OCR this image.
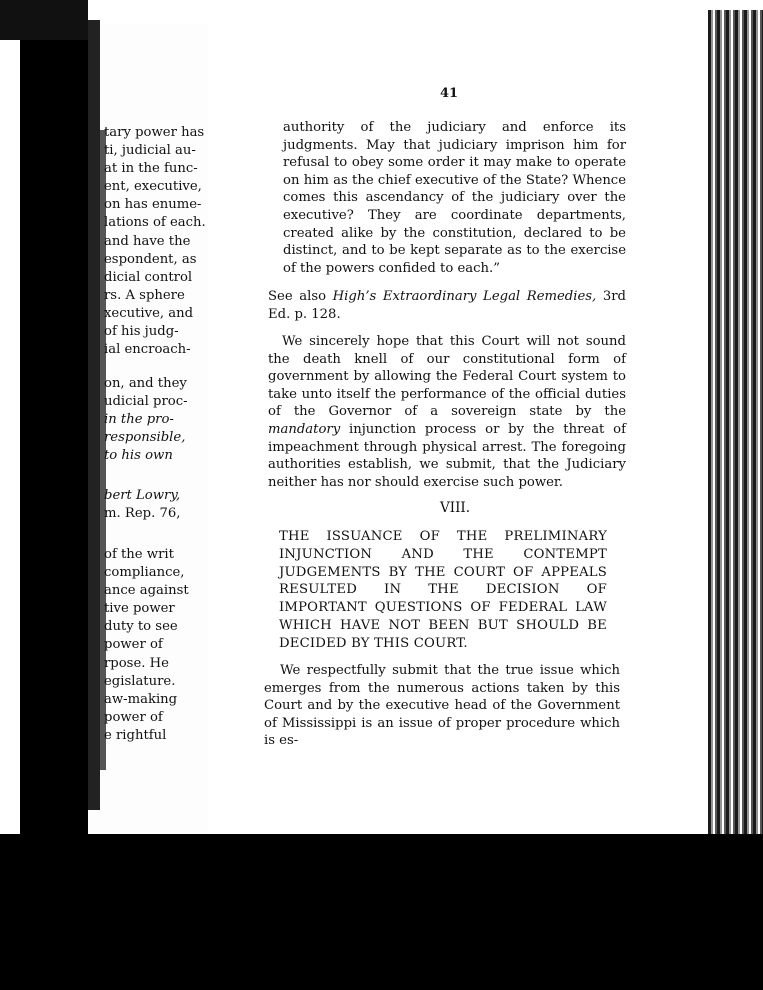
tary power has
ti, judicial au-
at in the func-
ent, executive,
on has enume-
lations of each.
and have the
espondent, as
dicial control
rs. A sphere
xecutive, and
of his judg-
ial encroach-
on, and they
udicial proc-
in the pro-
responsible,
to his own
bert Lowry,
m. Rep. 76,
of the writ
compliance,
ance against
tive power
duty to see
power of
rpose. He
egislature.
aw-making
power of
e rightful
41
authority of the judiciary and enforce its judgments. May that judiciary imprison him for refusal to obey some order it may make to operate on him as the chief executive of the State? Whence comes this ascendancy of the judiciary over the executive? They are coordinate departments, created alike by the constitution, declared to be distinct, and to be kept separate as to the exercise of the powers confided to each.”
See also High’s Extraordinary Legal Remedies, 3rd Ed. p. 128.
We sincerely hope that this Court will not sound the death knell of our constitutional form of government by allowing the Federal Court system to take unto itself the performance of the official duties of the Governor of a sovereign state by the mandatory injunction process or by the threat of impeachment through physical arrest. The foregoing authorities establish, we submit, that the Judiciary neither has nor should exercise such power.
VIII.
THE ISSUANCE OF THE PRELIMINARY INJUNCTION AND THE CONTEMPT JUDGEMENTS BY THE COURT OF APPEALS RESULTED IN THE DECISION OF IMPORTANT QUESTIONS OF FEDERAL LAW WHICH HAVE NOT BEEN BUT SHOULD BE DECIDED BY THIS COURT.
We respectfully submit that the true issue which emerges from the numerous actions taken by this Court and by the executive head of the Government of Mississippi is an issue of proper procedure which is es-
